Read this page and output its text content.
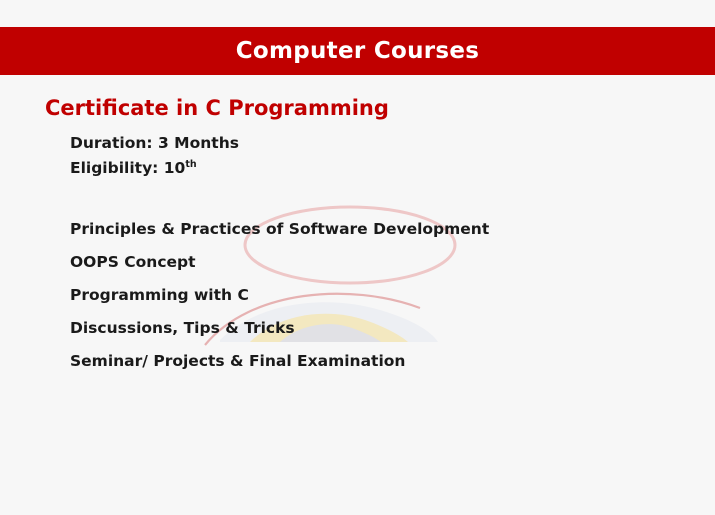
Computer Courses
Certificate in C Programming
Duration: 3 Months
Eligibility: 10th
Principles & Practices of Software Development
OOPS Concept
Programming with C
Discussions, Tips & Tricks
Seminar/ Projects & Final Examination
